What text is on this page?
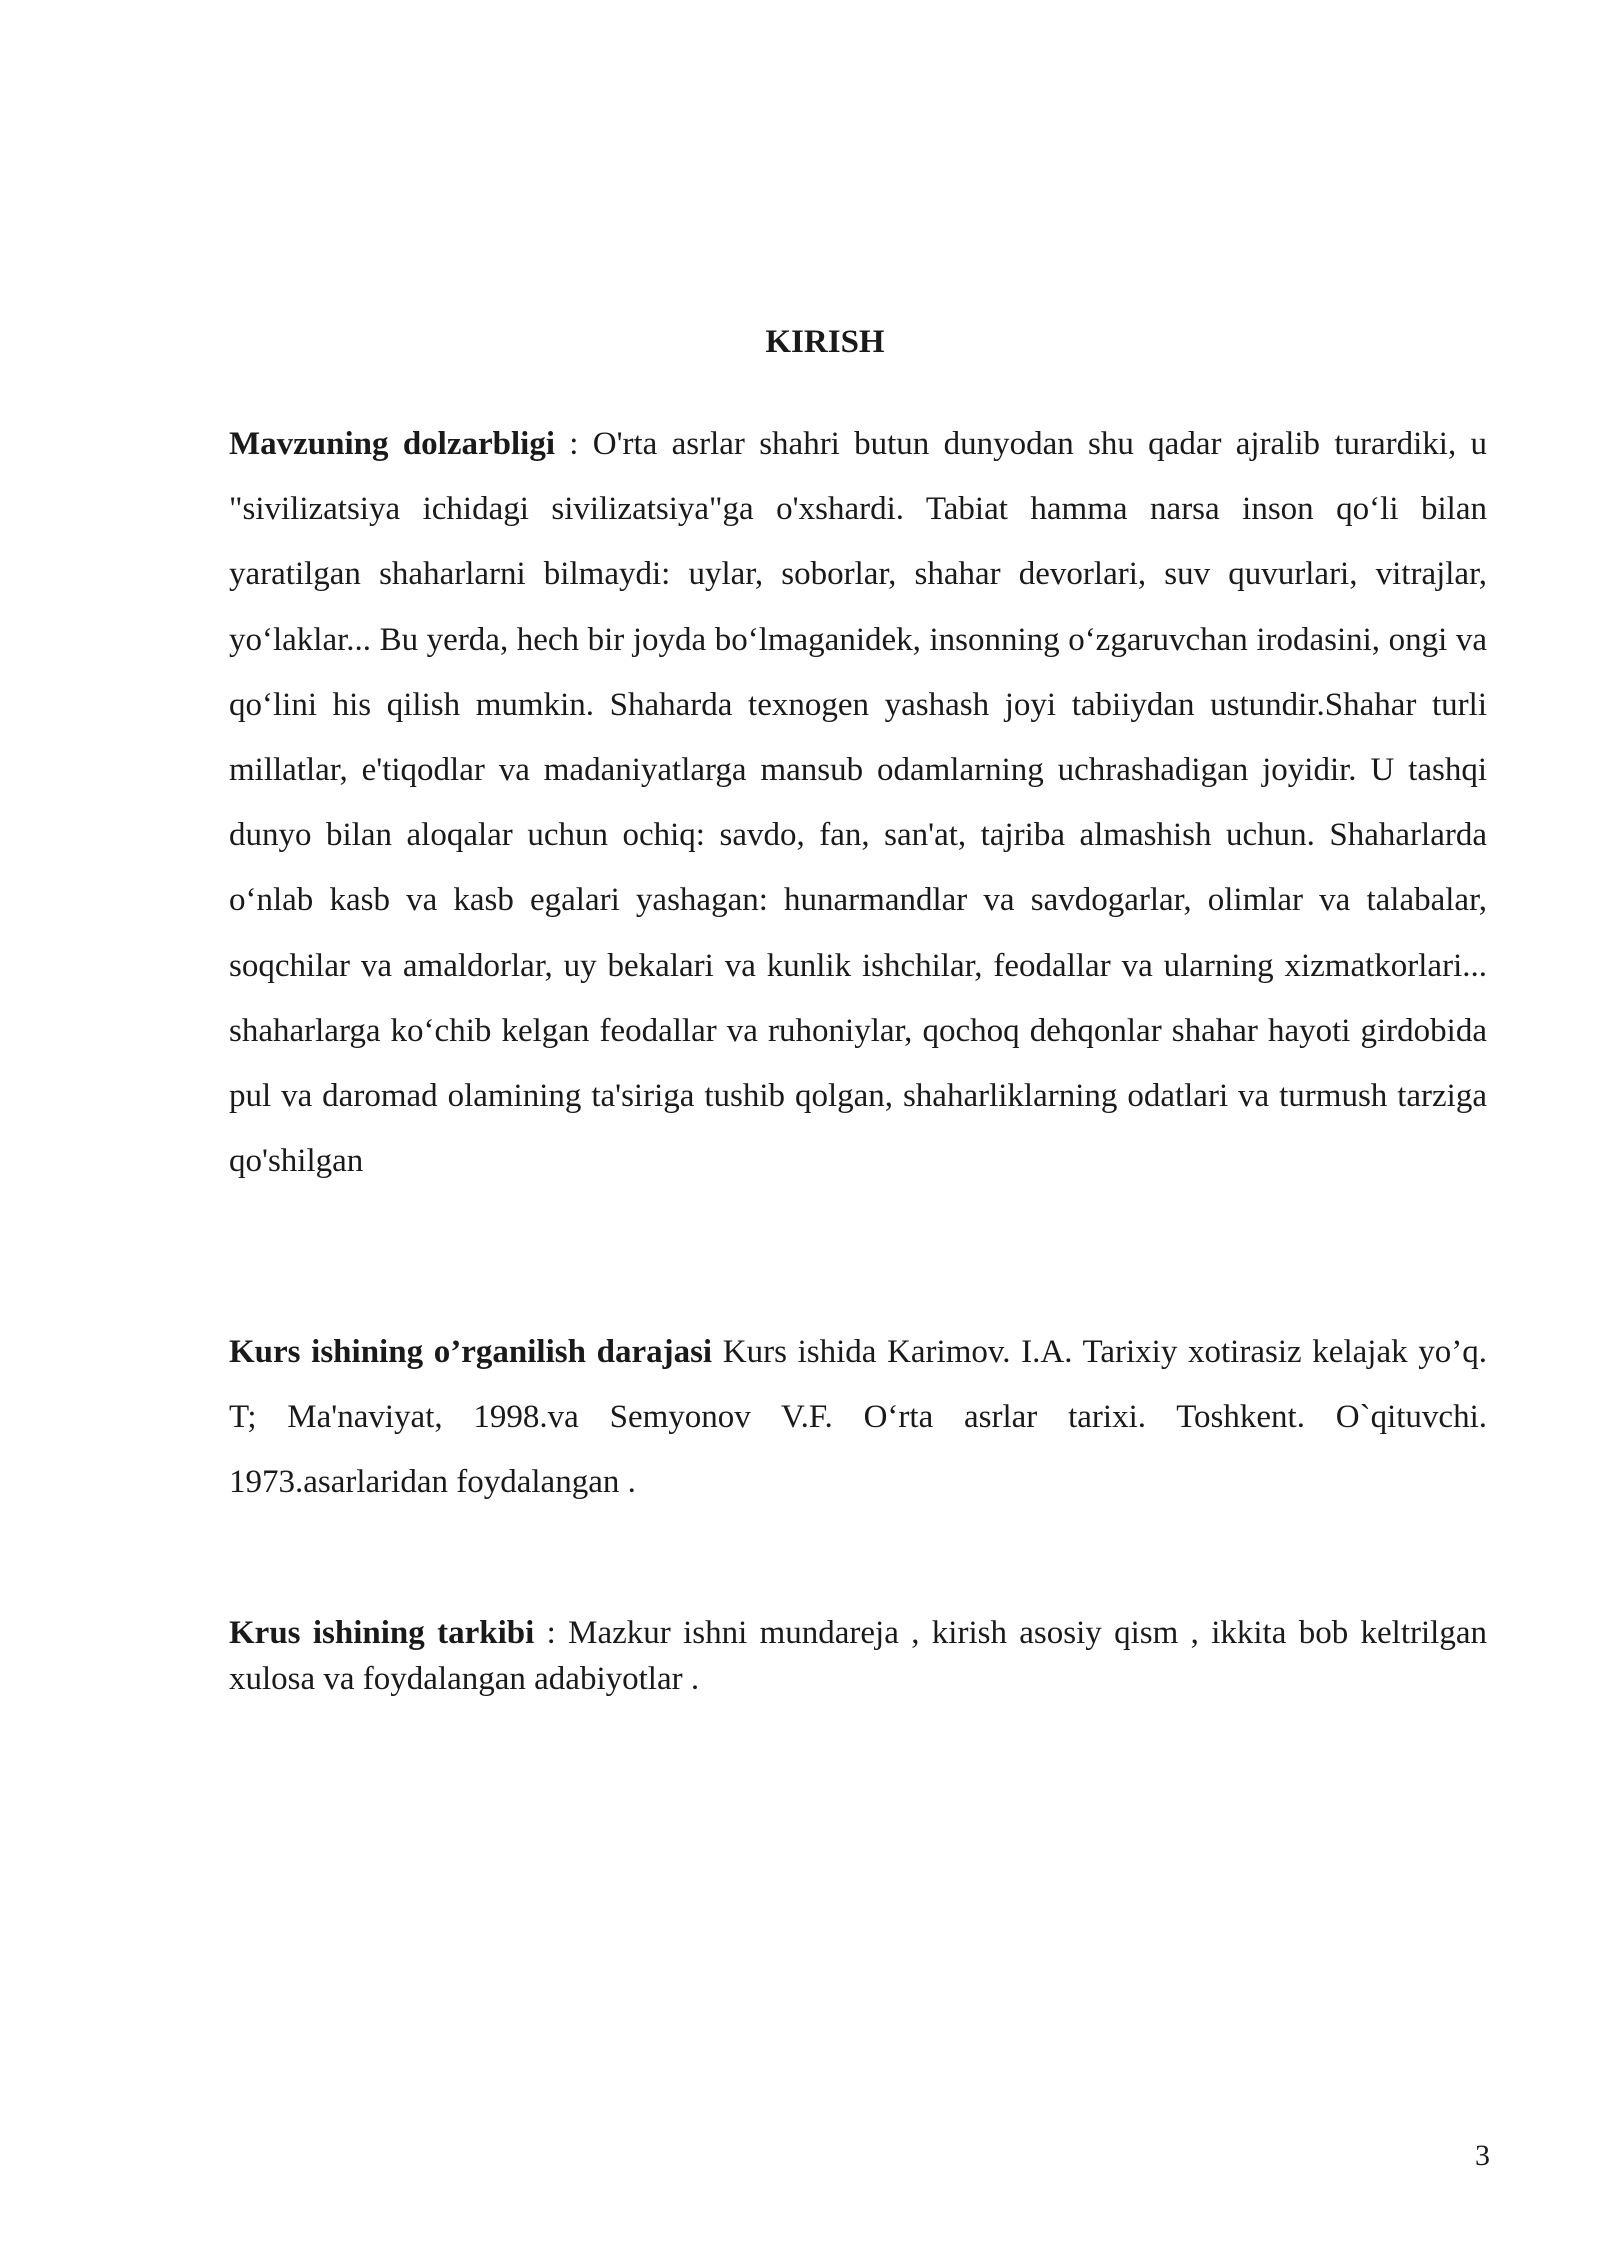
KIRISH

Mavzuning dolzarbligi : O'rta asrlar shahri butun dunyodan shu qadar ajralib turardiki, u "sivilizatsiya ichidagi sivilizatsiya"ga o'xshardi. Tabiat hamma narsa inson qo‘li bilan yaratilgan shaharlarni bilmaydi: uylar, soborlar, shahar devorlari, suv quvurlari, vitrajlar, yo‘laklar... Bu yerda, hech bir joyda bo‘lmaganidek, insonning o‘zgaruvchan irodasini, ongi va qo‘lini his qilish mumkin. Shaharda texnogen yashash joyi tabiiydan ustundir.Shahar turli millatlar, e'tiqodlar va madaniyatlarga mansub odamlarning uchrashadigan joyidir. U tashqi dunyo bilan aloqalar uchun ochiq: savdo, fan, san'at, tajriba almashish uchun. Shaharlarda o‘nlab kasb va kasb egalari yashagan: hunarmandlar va savdogarlar, olimlar va talabalar, soqchilar va amaldorlar, uy bekalari va kunlik ishchilar, feodallar va ularning xizmatkorlari... shaharlarga ko‘chib kelgan feodallar va ruhoniylar, qochoq dehqonlar shahar hayoti girdobida pul va daromad olamining ta'siriga tushib qolgan, shaharliklarning odatlari va turmush tarziga qo'shilgan

Kurs ishining o’rganilish darajasi Kurs ishida Karimov. I.A. Tarixiy xotirasiz kelajak yo’q. T; Ma'naviyat, 1998.va Semyonov V.F. O‘rta asrlar tarixi. Toshkent. O`qituvchi. 1973.asarlaridan foydalangan .

Krus ishining tarkibi : Mazkur ishni mundareja , kirish asosiy qism , ikkita bob keltrilgan xulosa va foydalangan adabiyotlar .

3
